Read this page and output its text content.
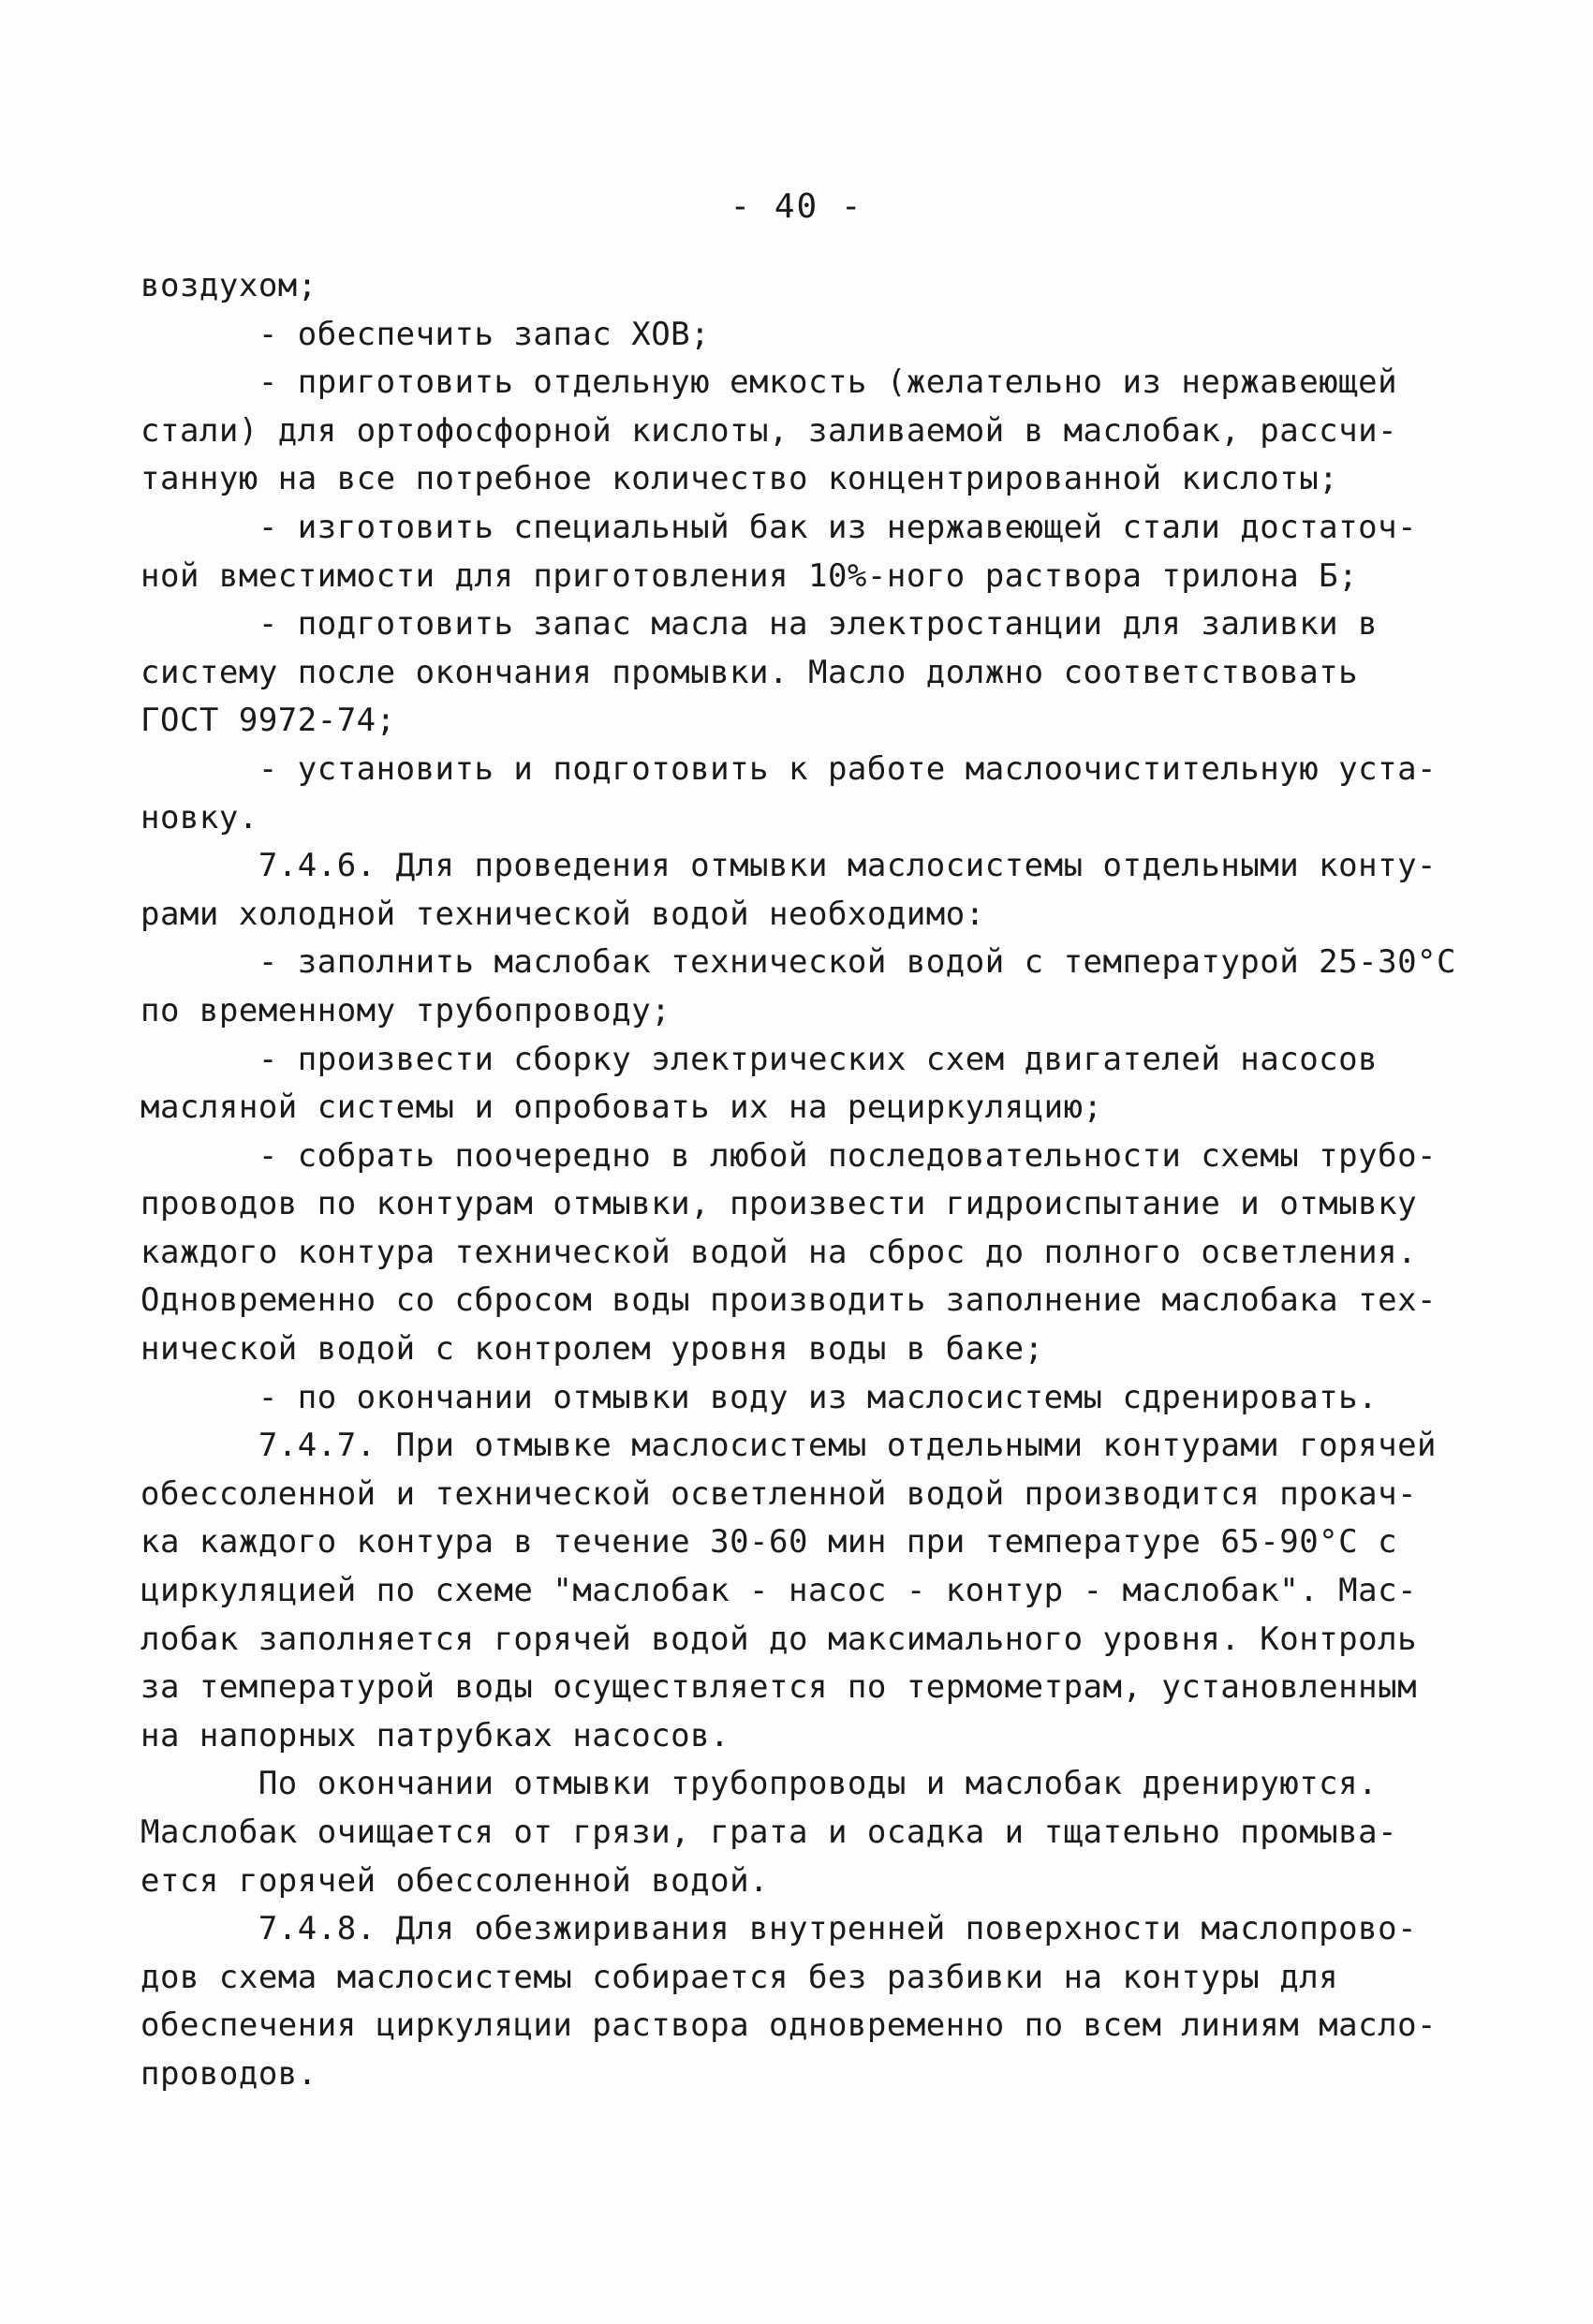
- 40 -
воздухом;
- обеспечить запас ХОВ;
- приготовить отдельную емкость (желательно из нержавеющей
стали) для ортофосфорной кислоты, заливаемой в маслобак, рассчи-
танную на все потребное количество концентрированной кислоты;
- изготовить специальный бак из нержавеющей стали достаточ-
ной вместимости для приготовления 10%-ного раствора трилона Б;
- подготовить запас масла на электростанции для заливки в
систему после окончания промывки. Масло должно соответствовать
ГОСТ 9972-74;
- установить и подготовить к работе маслоочистительную уста-
новку.
7.4.6. Для проведения отмывки маслосистемы отдельными конту-
рами холодной технической водой необходимо:
- заполнить маслобак технической водой с температурой 25-30°С
по временному трубопроводу;
- произвести сборку электрических схем двигателей насосов
масляной системы и опробовать их на рециркуляцию;
- собрать поочередно в любой последовательности схемы трубо-
проводов по контурам отмывки, произвести гидроиспытание и отмывку
каждого контура технической водой на сброс до полного осветления.
Одновременно со сбросом воды производить заполнение маслобака тех-
нической водой с контролем уровня воды в баке;
- по окончании отмывки воду из маслосистемы сдренировать.
7.4.7. При отмывке маслосистемы отдельными контурами горячей
обессоленной и технической осветленной водой производится прокач-
ка каждого контура в течение 30-60 мин при температуре 65-90°С с
циркуляцией по схеме "маслобак - насос - контур - маслобак". Мас-
лобак заполняется горячей водой до максимального уровня. Контроль
за температурой воды осуществляется по термометрам, установленным
на напорных патрубках насосов.
По окончании отмывки трубопроводы и маслобак дренируются.
Маслобак очищается от грязи, грата и осадка и тщательно промыва-
ется горячей обессоленной водой.
7.4.8. Для обезжиривания внутренней поверхности маслопрово-
дов схема маслосистемы собирается без разбивки на контуры для
обеспечения циркуляции раствора одновременно по всем линиям масло-
проводов.
